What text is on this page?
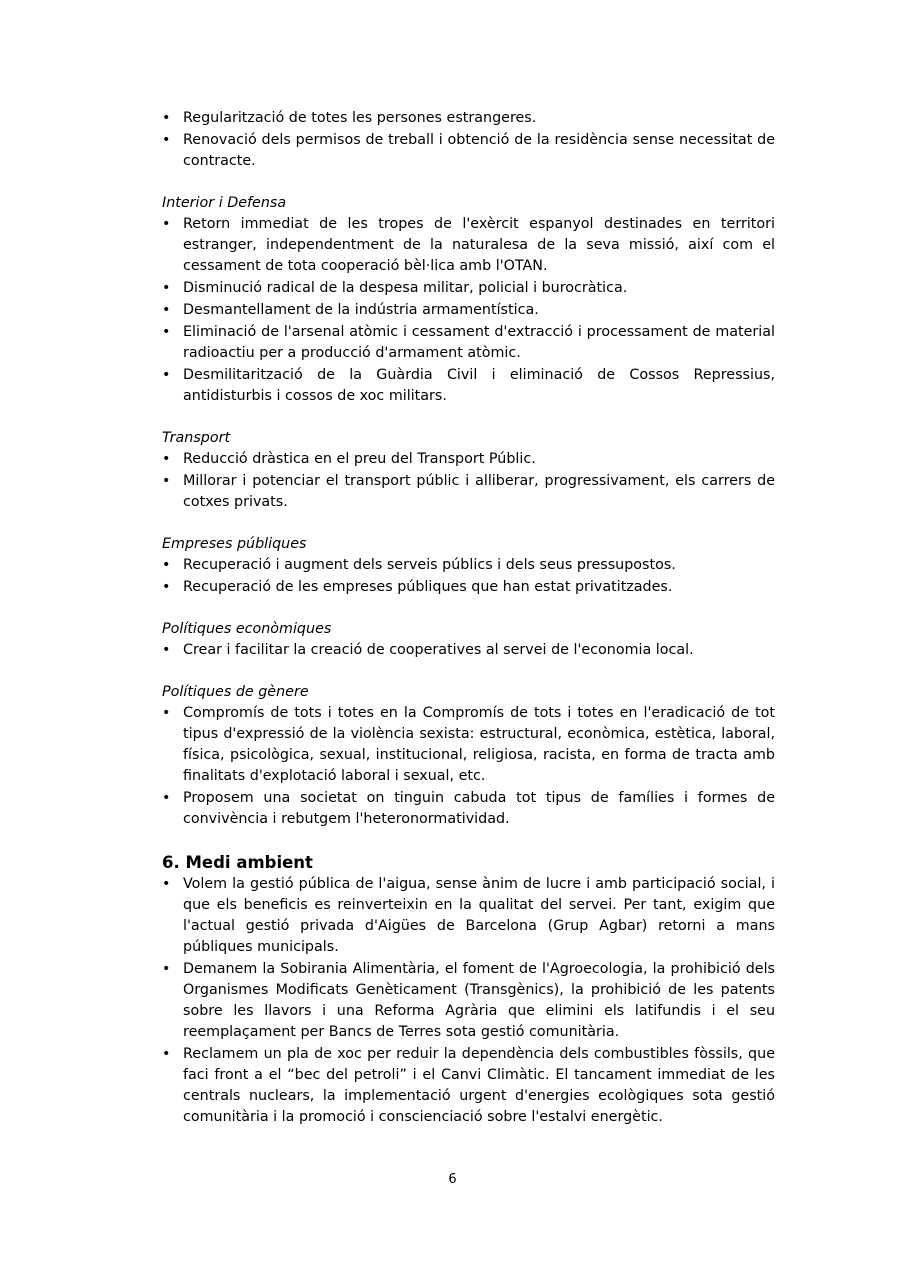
• Regularització de totes les persones estrangeres.
• Renovació dels permisos de treball i obtenció de la residència sense necessitat de contracte.
Interior i Defensa
• Retorn immediat de les tropes de l'exèrcit espanyol destinades en territori estranger, independentment de la naturalesa de la seva missió, així com el cessament de tota cooperació bèl·lica amb l'OTAN.
• Disminució radical de la despesa militar, policial i burocràtica.
• Desmantellament de la indústria armamentística.
• Eliminació de l'arsenal atòmic i cessament d'extracció i processament de material radioactiu per a producció d'armament atòmic.
• Desmilitarització de la Guàrdia Civil i eliminació de Cossos Repressius, antidisturbis i cossos de xoc militars.
Transport
• Reducció dràstica en el preu del Transport Públic.
• Millorar i potenciar el transport públic i alliberar, progressivament, els carrers de cotxes privats.
Empreses públiques
• Recuperació i augment dels serveis públics i dels seus pressupostos.
• Recuperació de les empreses públiques que han estat privatitzades.
Polítiques econòmiques
• Crear i facilitar la creació de cooperatives al servei de l'economia local.
Polítiques de gènere
• Compromís de tots i totes en la Compromís de tots i totes en l'eradicació de tot tipus d'expressió de la violència sexista: estructural, econòmica, estètica, laboral, física, psicològica, sexual, institucional, religiosa, racista, en forma de tracta amb finalitats d'explotació laboral i sexual, etc.
• Proposem una societat on tinguin cabuda tot tipus de famílies i formes de convivència i rebutgem l'heteronormatividad.
6. Medi ambient
• Volem la gestió pública de l'aigua, sense ànim de lucre i amb participació social, i que els beneficis es reinverteixin en la qualitat del servei. Per tant, exigim que l'actual gestió privada d'Aigües de Barcelona (Grup Agbar) retorni a mans públiques municipals.
• Demanem la Sobirania Alimentària, el foment de l'Agroecologia, la prohibició dels Organismes Modificats Genèticament (Transgènics), la prohibició de les patents sobre les llavors i una Reforma Agrària que elimini els latifundis i el seu reemplaçament per Bancs de Terres sota gestió comunitària.
• Reclamem un pla de xoc per reduir la dependència dels combustibles fòssils, que faci front a el “bec del petroli” i el Canvi Climàtic. El tancament immediat de les centrals nuclears, la implementació urgent d'energies ecològiques sota gestió comunitària i la promoció i conscienciació sobre l'estalvi energètic.
6
